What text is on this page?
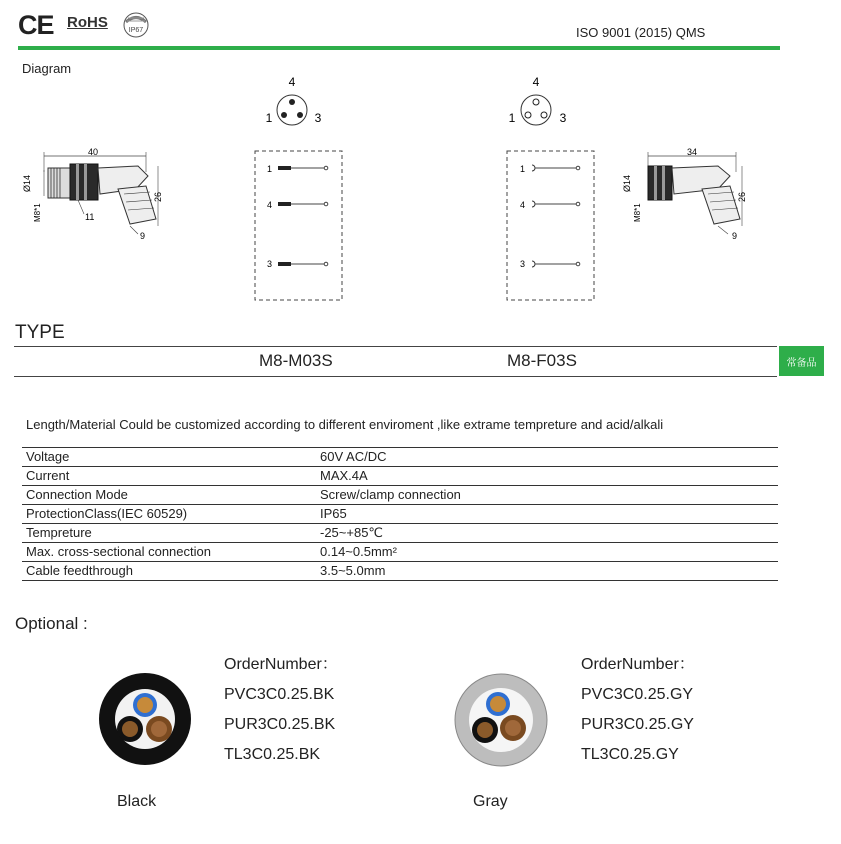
CE RoHS	IP67	ISO 9001 (2015) QMS
Diagram
4
1	3
4
1	3
1
4
3
1
4
3
40
Ø14
M8*1
26
11
9
34
Ø14
M8*1
26
9
TYPE
M8-M03S	M8-F03S	常备品
Length/Material Could be customized according to different enviroment ,like extrame tempreture and acid/alkali
Voltage	60V AC/DC
Current	MAX.4A
Connection Mode	Screw/clamp connection
ProtectionClass(IEC 60529)	IP65
Tempreture	-25~+85℃
Max. cross-sectional connection	0.14~0.5mm²
Cable feedthrough	3.5~5.0mm
Optional :
OrderNumber：
PVC3C0.25.BK
PUR3C0.25.BK
TL3C0.25.BK
Black
OrderNumber：
PVC3C0.25.GY
PUR3C0.25.GY
TL3C0.25.GY
Gray
